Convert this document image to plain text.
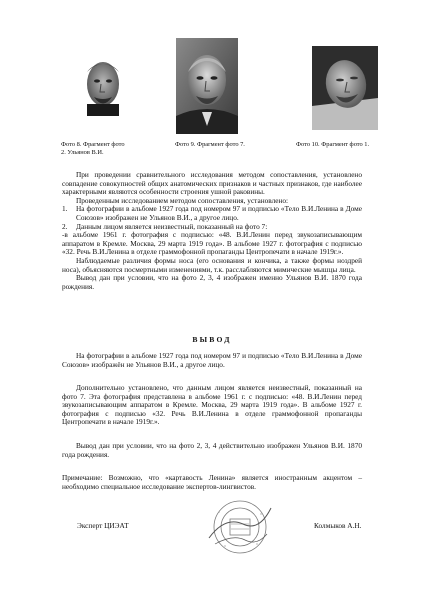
Фото 8. Фрагмент фото
2. Ульянов В.И.
Фото 9. Фрагмент фото 7.	Фото 10. Фрагмент фото 1.

При проведении сравнительного исследования методом сопоставления, установлено совпадение совокупностей общих анатомических признаков и частных признаков, где наиболее характерными являются особенности строения ушной раковины.

Проведенным исследованием методом сопоставления, установлено:

1. На фотографии в альбоме 1927 года под номером 97 и подписью «Тело В.И.Ленина в Доме Союзов» изображен не Ульянов В.И., а другое лицо.

2. Данным лицом является неизвестный, показанный на фото 7:

-в альбоме 1961 г. фотография с подписью: «48. В.И.Ленин перед звукозаписывающим аппаратом в Кремле. Москва, 29 марта 1919 года». В альбоме 1927 г. фотография с подписью «32. Речь В.И.Ленина в отделе граммофонной пропаганды Центропечати в начале 1919г.».

Наблюдаемые различия формы носа (его основания и кончика, а также формы ноздрей носа), объясняются посмертными изменениями, т.к. расслабляются мимические мышцы лица.

Вывод дан при условии, что на фото 2, 3, 4 изображен именно Ульянов В.И. 1870 года рождения.

ВЫВОД
На фотографии в альбоме 1927 года под номером 97 и подписью «Тело В.И.Ленина в Доме Союзов» изображён не Ульянов В.И., а другое лицо.
Дополнительно установлено, что данным лицом является неизвестный, показанный на фото 7. Эта фотография представлена в альбоме 1961 г. с подписью: «48. В.И.Ленин перед звукозаписывающим аппаратом в Кремле. Москва, 29 марта 1919 года». В альбоме 1927 г. фотография с подписью «32. Речь В.И.Ленина в отделе граммофонной пропаганды Центропечати в начале 1919г.».
Вывод дан при условии, что на фото 2, 3, 4 действительно изображен Ульянов В.И. 1870 года рождения.
Примечание: Возможно, что «картавость Ленина» является иностранным акцентом – необходимо специальное исследование экспертов-лингвистов.
Эксперт ЦИЭАТ	Колмыков А.Н.
